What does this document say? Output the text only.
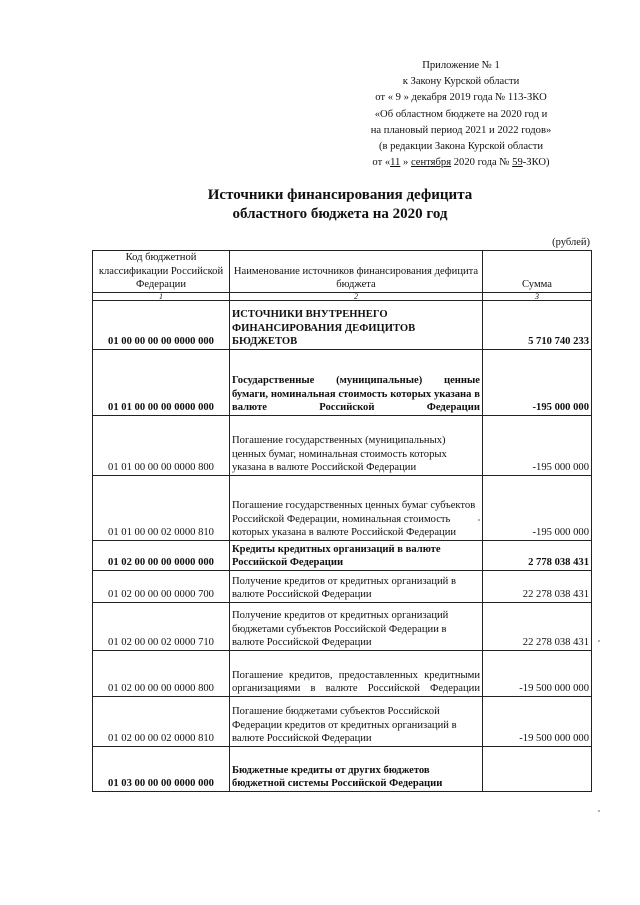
Приложение № 1
к Закону Курской области
от « 9 » декабря 2019 года № 113-ЗКО
«Об областном бюджете на 2020 год и
на плановый период 2021 и 2022 годов»
(в редакции Закона Курской области
от «11 » сентября 2020 года № 59-ЗКО)
Источники финансирования дефицита
областного бюджета на 2020 год
(рублей)
Код бюджетной классификации Российской Федерации	Наименование источников финансирования дефицита бюджета	Сумма
1	2	3
01 00 00 00 00 0000 000	ИСТОЧНИКИ ВНУТРЕННЕГО ФИНАНСИРОВАНИЯ ДЕФИЦИТОВ БЮДЖЕТОВ	5 710 740 233
01 01 00 00 00 0000 000	Государственные (муниципальные) ценные бумаги, номинальная стоимость которых указана в валюте Российской Федерации	-195 000 000
01 01 00 00 00 0000 800	Погашение государственных (муниципальных) ценных бумаг, номинальная стоимость которых указана в валюте Российской Федерации	-195 000 000
01 01 00 00 02 0000 810	Погашение государственных ценных бумаг субъектов Российской Федерации, номинальная стоимость которых указана в валюте Российской Федерации	-195 000 000
01 02 00 00 00 0000 000	Кредиты кредитных организаций в валюте Российской Федерации	2 778 038 431
01 02 00 00 00 0000 700	Получение кредитов от кредитных организаций в валюте Российской Федерации	22 278 038 431
01 02 00 00 02 0000 710	Получение кредитов от кредитных организаций бюджетами субъектов Российской Федерации в валюте Российской Федерации	22 278 038 431
01 02 00 00 00 0000 800	Погашение кредитов, предоставленных кредитными организациями в валюте Российской Федерации	-19 500 000 000
01 02 00 00 02 0000 810	Погашение бюджетами субъектов Российской Федерации кредитов от кредитных организаций в валюте Российской Федерации	-19 500 000 000
01 03 00 00 00 0000 000	Бюджетные кредиты от других бюджетов бюджетной системы Российской Федерации	
